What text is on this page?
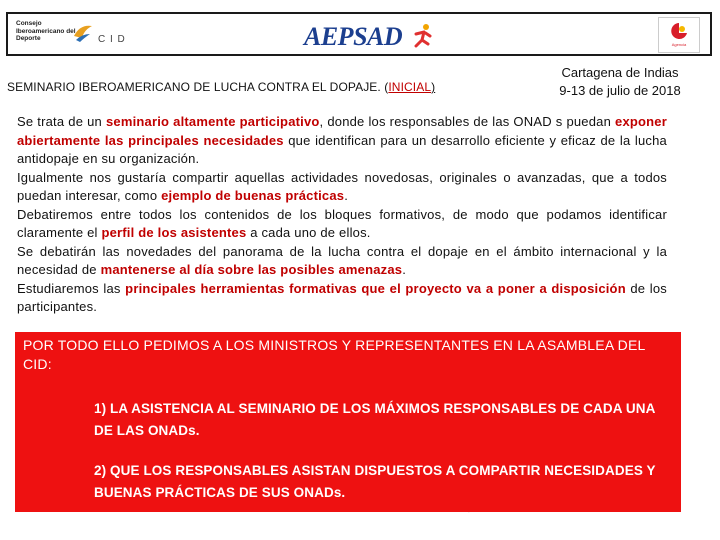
Consejo
Iberoamericano del
Deporte	C I D	AEPSAD	Agencia
SEMINARIO IBEROAMERICANO DE LUCHA CONTRA EL DOPAJE. (INICIAL)
Cartagena de Indias
9-13 de julio de 2018

Se trata de un seminario altamente participativo, donde los responsables de las ONAD s puedan exponer abiertamente las principales necesidades que identifican para un desarrollo eficiente y eficaz de la lucha antidopaje en su organización.

Igualmente nos gustaría compartir aquellas actividades novedosas, originales o avanzadas, que a todos puedan interesar, como ejemplo de buenas prácticas.

Debatiremos entre todos los contenidos de los bloques formativos, de modo que podamos identificar claramente el perfil de los asistentes a cada uno de ellos.

Se debatirán las novedades del panorama de la lucha contra el dopaje en el ámbito internacional y la necesidad de mantenerse al día sobre las posibles amenazas.

Estudiaremos las principales herramientas formativas que el proyecto va a poner a disposición de los participantes.

POR TODO ELLO PEDIMOS A LOS MINISTROS Y REPRESENTANTES EN LA ASAMBLEA DEL CID:
1) LA ASISTENCIA AL SEMINARIO DE LOS MÁXIMOS RESPONSABLES DE CADA UNA DE LAS ONADs.
2) QUE LOS RESPONSABLES ASISTAN DISPUESTOS A COMPARTIR NECESIDADES Y BUENAS PRÁCTICAS DE SUS ONADs.
